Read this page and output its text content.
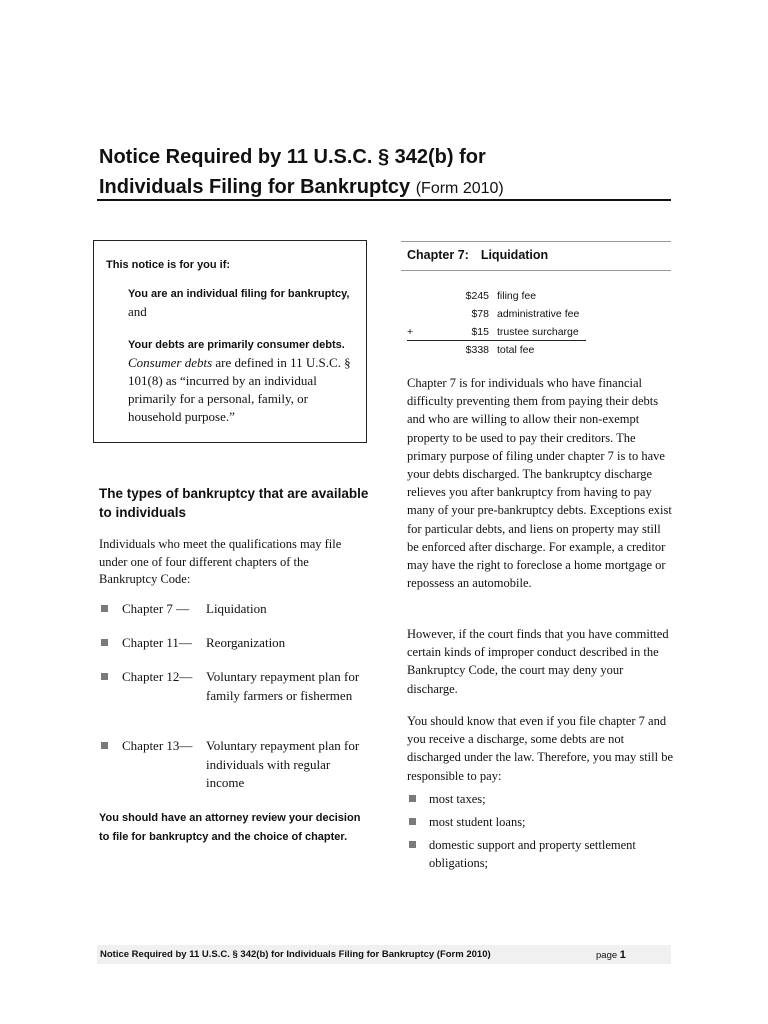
Notice Required by 11 U.S.C. § 342(b) for
Individuals Filing for Bankruptcy (Form 2010)
This notice is for you if:
You are an individual filing for bankruptcy, and
Your debts are primarily consumer debts. Consumer debts are defined in 11 U.S.C. § 101(8) as “incurred by an individual primarily for a personal, family, or household purpose.”
The types of bankruptcy that are available to individuals
Individuals who meet the qualifications may file under one of four different chapters of the Bankruptcy Code:
Chapter 7 — Liquidation
Chapter 11— Reorganization
Chapter 12— Voluntary repayment plan for family farmers or fishermen
Chapter 13— Voluntary repayment plan for individuals with regular income
You should have an attorney review your decision to file for bankruptcy and the choice of chapter.
Chapter 7: Liquidation
$245 filing fee
$78 administrative fee
+	$15 trustee surcharge
$338 total fee
Chapter 7 is for individuals who have financial difficulty preventing them from paying their debts and who are willing to allow their non-exempt property to be used to pay their creditors. The primary purpose of filing under chapter 7 is to have your debts discharged. The bankruptcy discharge relieves you after bankruptcy from having to pay many of your pre-bankruptcy debts. Exceptions exist for particular debts, and liens on property may still be enforced after discharge. For example, a creditor may have the right to foreclose a home mortgage or repossess an automobile.
However, if the court finds that you have committed certain kinds of improper conduct described in the Bankruptcy Code, the court may deny your discharge.
You should know that even if you file chapter 7 and you receive a discharge, some debts are not discharged under the law. Therefore, you may still be responsible to pay:
most taxes;
most student loans;
domestic support and property settlement obligations;
Notice Required by 11 U.S.C. § 342(b) for Individuals Filing for Bankruptcy (Form 2010)	page 1
